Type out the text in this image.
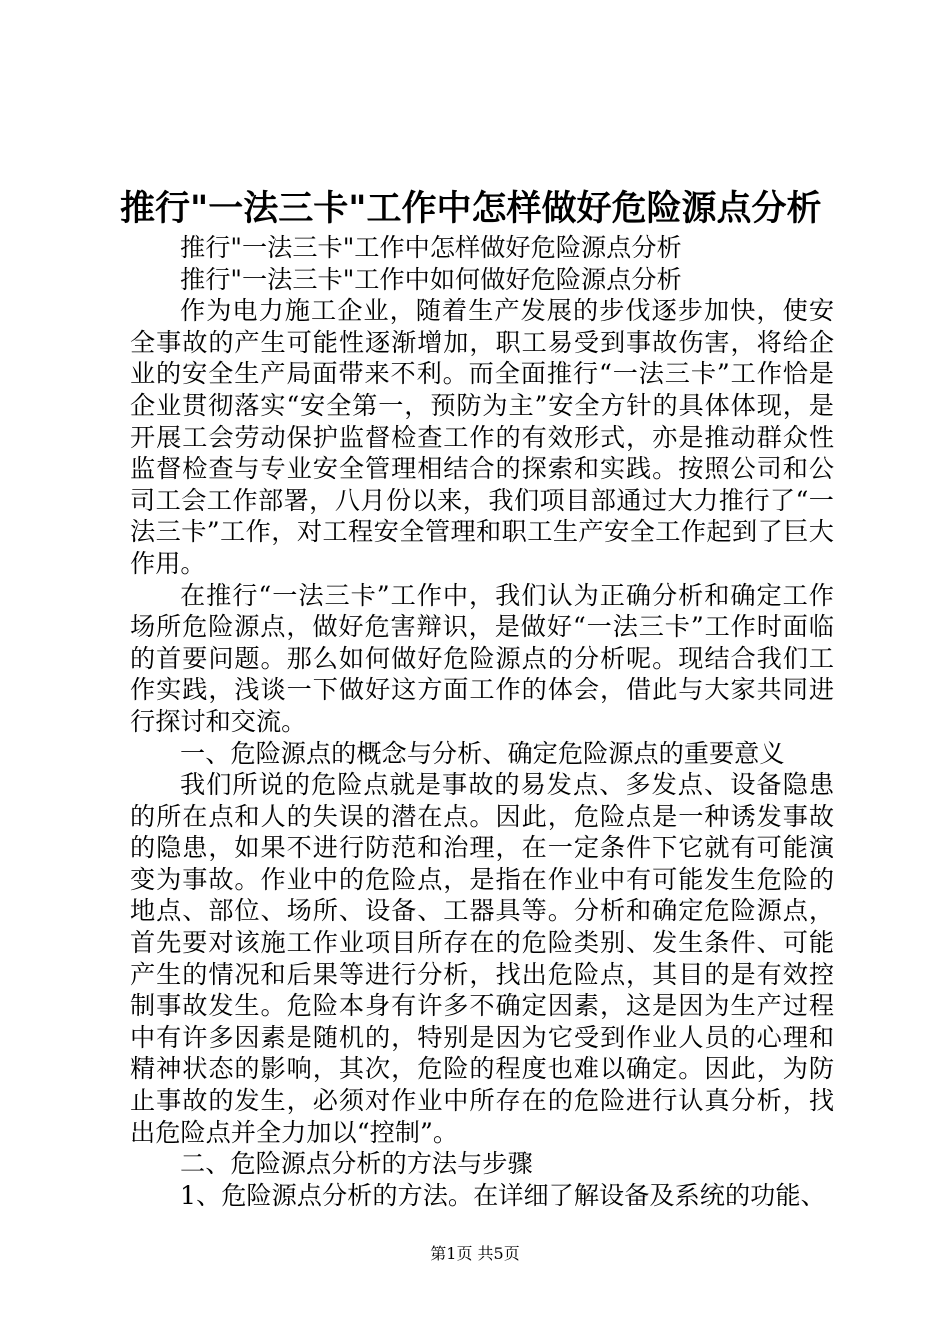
推行"一法三卡"工作中怎样做好危险源点分析

推行"一法三卡"工作中怎样做好危险源点分析

推行"一法三卡"工作中如何做好危险源点分析

作为电力施工企业，随着生产发展的步伐逐步加快，使安全事故的产生可能性逐渐增加，职工易受到事故伤害，将给企业的安全生产局面带来不利。而全面推行“一法三卡”工作恰是企业贯彻落实“安全第一，预防为主”安全方针的具体体现，是开展工会劳动保护监督检查工作的有效形式，亦是推动群众性监督检查与专业安全管理相结合的探索和实践。按照公司和公司工会工作部署，八月份以来，我们项目部通过大力推行了“一法三卡”工作，对工程安全管理和职工生产安全工作起到了巨大作用。

在推行“一法三卡”工作中，我们认为正确分析和确定工作场所危险源点，做好危害辩识，是做好“一法三卡”工作时面临的首要问题。那么如何做好危险源点的分析呢。现结合我们工作实践，浅谈一下做好这方面工作的体会，借此与大家共同进行探讨和交流。

一、危险源点的概念与分析、确定危险源点的重要意义

我们所说的危险点就是事故的易发点、多发点、设备隐患的所在点和人的失误的潜在点。因此，危险点是一种诱发事故的隐患，如果不进行防范和治理，在一定条件下它就有可能演变为事故。作业中的危险点，是指在作业中有可能发生危险的地点、部位、场所、设备、工器具等。分析和确定危险源点，首先要对该施工作业项目所存在的危险类别、发生条件、可能产生的情况和后果等进行分析，找出危险点，其目的是有效控制事故发生。危险本身有许多不确定因素，这是因为生产过程中有许多因素是随机的，特别是因为它受到作业人员的心理和精神状态的影响，其次，危险的程度也难以确定。因此，为防止事故的发生，必须对作业中所存在的危险进行认真分析，找出危险点并全力加以“控制”。

二、危险源点分析的方法与步骤

1、危险源点分析的方法。在详细了解设备及系统的功能、

第1页 共5页
